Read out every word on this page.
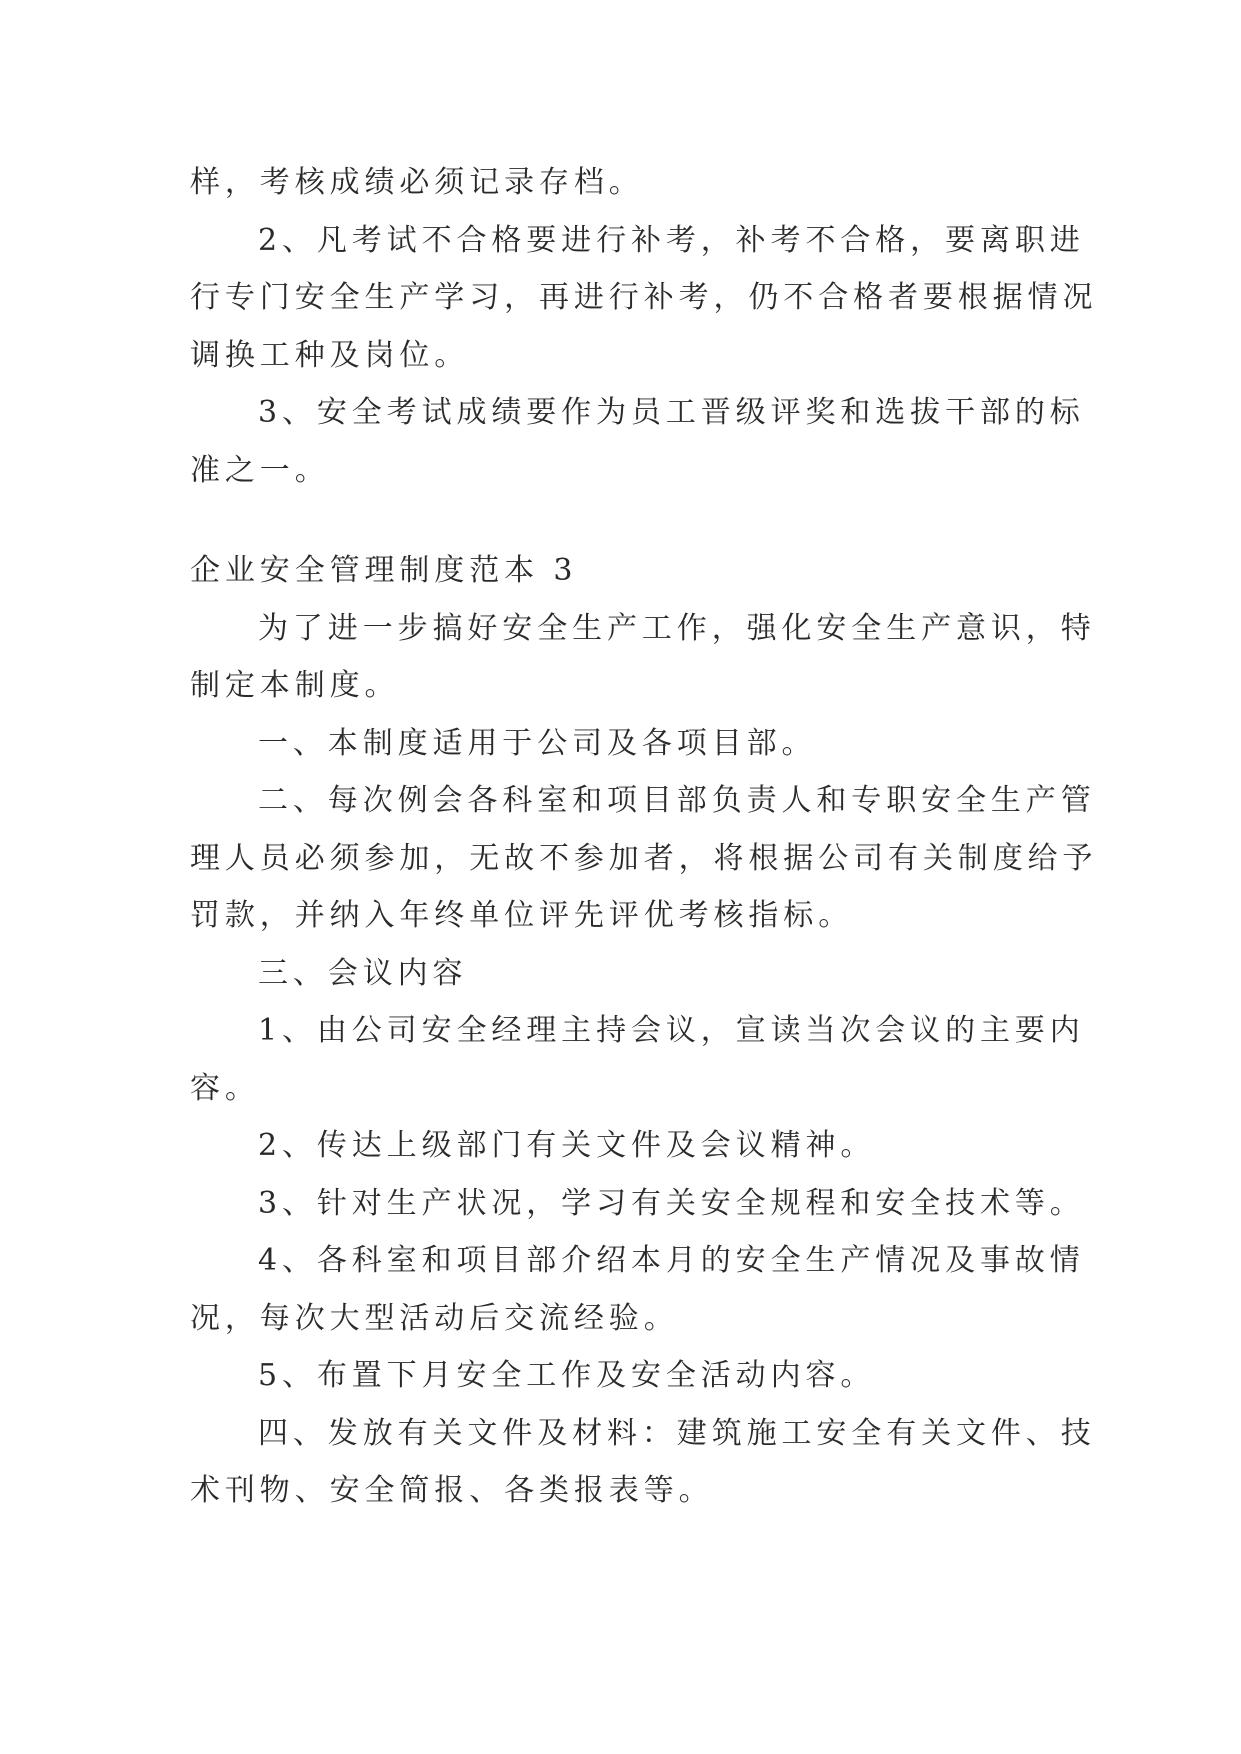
样，考核成绩必须记录存档。
2、凡考试不合格要进行补考，补考不合格，要离职进
行专门安全生产学习，再进行补考，仍不合格者要根据情况
调换工种及岗位。
3、安全考试成绩要作为员工晋级评奖和选拔干部的标
准之一。
企业安全管理制度范本 3
为了进一步搞好安全生产工作，强化安全生产意识，特
制定本制度。
一、本制度适用于公司及各项目部。
二、每次例会各科室和项目部负责人和专职安全生产管
理人员必须参加，无故不参加者，将根据公司有关制度给予
罚款，并纳入年终单位评先评优考核指标。
三、会议内容
1、由公司安全经理主持会议，宣读当次会议的主要内
容。
2、传达上级部门有关文件及会议精神。
3、针对生产状况，学习有关安全规程和安全技术等。
4、各科室和项目部介绍本月的安全生产情况及事故情
况，每次大型活动后交流经验。
5、布置下月安全工作及安全活动内容。
四、发放有关文件及材料：建筑施工安全有关文件、技
术刊物、安全简报、各类报表等。
